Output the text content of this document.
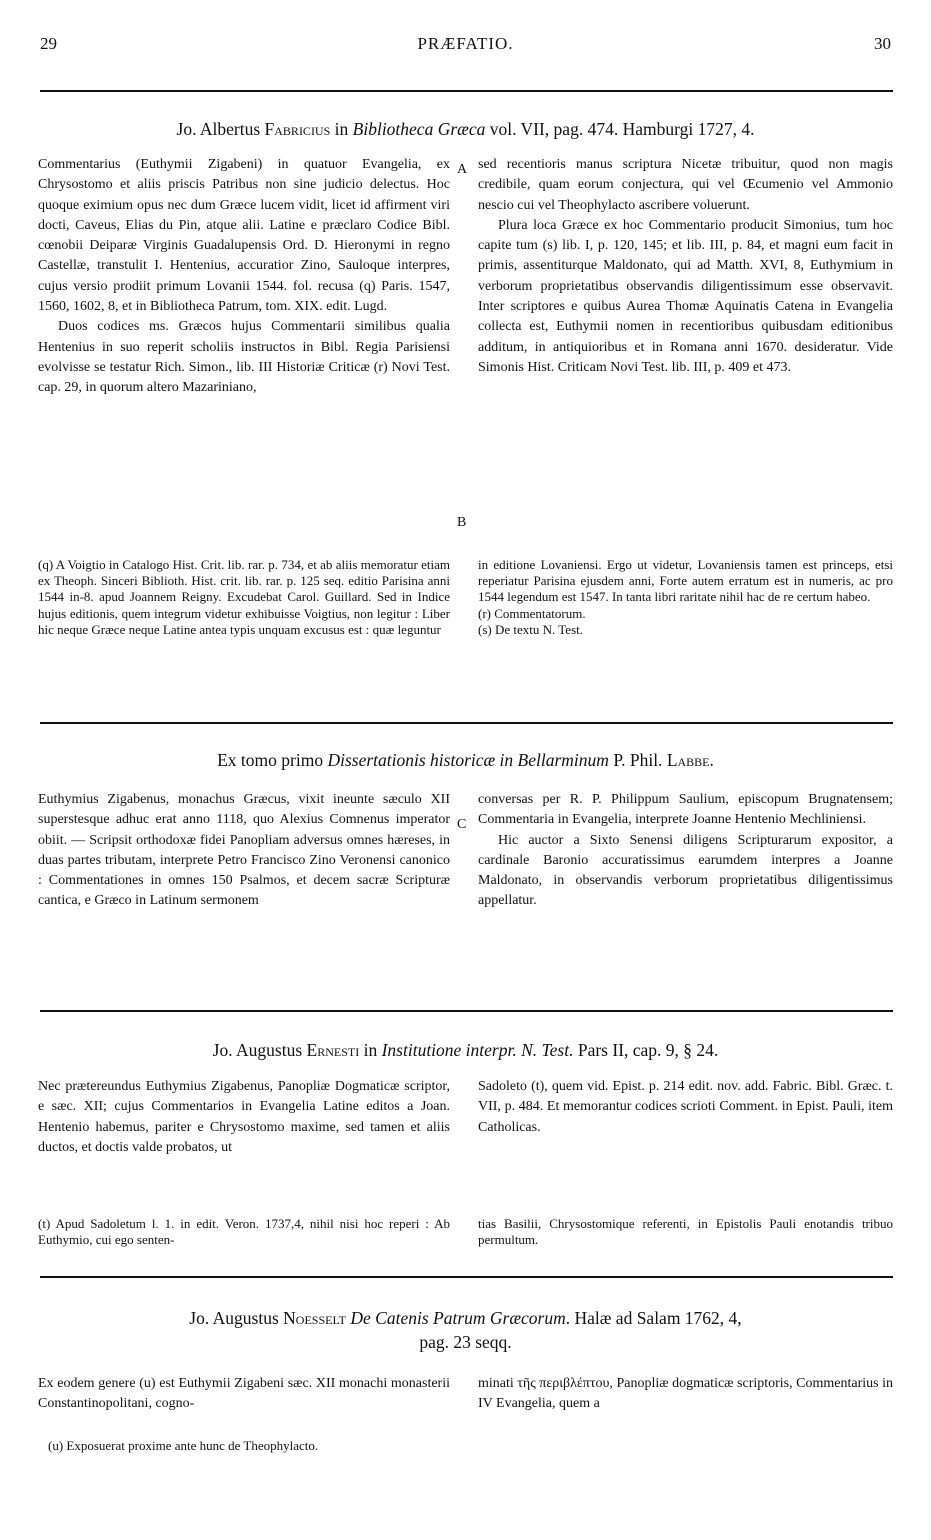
29	PRÆFATIO.	30
Jo. Albertus Fabricius in Bibliotheca Græca vol. VII, pag. 474. Hamburgi 1727, 4.

Commentarius (Euthymii Zigabeni) in quatuor Evangelia, ex Chrysostomo et aliis priscis Patribus non sine judicio delectus. Hoc quoque eximium opus nec dum Græce lucem vidit, licet id affirment viri docti, Caveus, Elias du Pin, atque alii. Latine e præclaro Codice Bibl. cœnobii Deiparæ Virginis Guadalupensis Ord. D. Hieronymi in regno Castellæ, transtulit I. Hentenius, accuratior Zino, Sauloque interpres, cujus versio prodiit primum Lovanii 1544. fol. recusa (q) Paris. 1547, 1560, 1602, 8, et in Bibliotheca Patrum, tom. XIX. edit. Lugd.

Duos codices ms. Græcos hujus Commentarii similibus qualia Hentenius in suo reperit scholiis instructos in Bibl. Regia Parisiensi evolvisse se testatur Rich. Simon., lib. III Historiæ Criticæ (r) Novi Test. cap. 29, in quorum altero Mazariniano,

sed recentioris manus scriptura Nicetæ tribuitur, quod non magis credibile, quam eorum conjectura, qui vel Œcumenio vel Ammonio nescio cui vel Theophylacto ascribere voluerunt.

Plura loca Græce ex hoc Commentario producit Simonius, tum hoc capite tum (s) lib. I, p. 120, 145; et lib. III, p. 84, et magni eum facit in primis, assentiturque Maldonato, qui ad Matth. XVI, 8, Euthymium in verborum proprietatibus observandis diligentissimum esse observavit. Inter scriptores e quibus Aurea Thomæ Aquinatis Catena in Evangelia collecta est, Euthymii nomen in recentioribus quibusdam editionibus additum, in antiquioribus et in Romana anni 1670. desideratur. Vide Simonis Hist. Criticam Novi Test. lib. III, p. 409 et 473.

A
B

(q) A Voigtio in Catalogo Hist. Crit. lib. rar. p. 734, et ab aliis memoratur etiam ex Theoph. Sinceri Biblioth. Hist. crit. lib. rar. p. 125 seq. editio Parisina anni 1544 in-8. apud Joannem Reigny. Excudebat Carol. Guillard. Sed in Indice hujus editionis, quem integrum videtur exhibuisse Voigtius, non legitur : Liber hic neque Græce neque Latine antea typis unquam excusus est : quæ leguntur

in editione Lovaniensi. Ergo ut videtur, Lovaniensis tamen est princeps, etsi reperiatur Parisina ejusdem anni, Forte autem erratum est in numeris, ac pro 1544 legendum est 1547. In tanta libri raritate nihil hac de re certum habeo.

(r) Commentatorum.

(s) De textu N. Test.

Ex tomo primo Dissertationis historicæ in Bellarminum P. Phil. Labbe.

Euthymius Zigabenus, monachus Græcus, vixit ineunte sæculo XII superstesque adhuc erat anno 1118, quo Alexius Comnenus imperator obiit. — Scripsit orthodoxæ fidei Panopliam adversus omnes hæreses, in duas partes tributam, interprete Petro Francisco Zino Veronensi canonico : Commentationes in omnes 150 Psalmos, et decem sacræ Scripturæ cantica, e Græco in Latinum sermonem

conversas per R. P. Philippum Saulium, episcopum Brugnatensem; Commentaria in Evangelia, interprete Joanne Hentenio Mechliniensi.

Hic auctor a Sixto Senensi diligens Scripturarum expositor, a cardinale Baronio accuratissimus earumdem interpres a Joanne Maldonato, in observandis verborum proprietatibus diligentissimus appellatur.

C
Jo. Augustus Ernesti in Institutione interpr. N. Test. Pars II, cap. 9, § 24.

Nec prætereundus Euthymius Zigabenus, Panopliæ Dogmaticæ scriptor, e sæc. XII; cujus Commentarios in Evangelia Latine editos a Joan. Hentenio habemus, pariter e Chrysostomo maxime, sed tamen et aliis ductos, et doctis valde probatos, ut

Sadoleto (t), quem vid. Epist. p. 214 edit. nov. add. Fabric. Bibl. Græc. t. VII, p. 484. Et memorantur codices scrioti Comment. in Epist. Pauli, item Catholicas.

(t) Apud Sadoletum l. 1. in edit. Veron. 1737,4, nihil nisi hoc reperi : Ab Euthymio, cui ego senten-

tias Basilii, Chrysostomique referenti, in Epistolis Pauli enotandis tribuo permultum.

Jo. Augustus Noesselt De Catenis Patrum Græcorum. Halæ ad Salam 1762, 4,
pag. 23 seqq.

Ex eodem genere (u) est Euthymii Zigabeni sæc. XII monachi monasterii Constantinopolitani, cogno-

minati τῆς περιβλέπτου, Panopliæ dogmaticæ scriptoris, Commentarius in IV Evangelia, quem a

(u) Exposuerat proxime ante hunc de Theophylacto.
